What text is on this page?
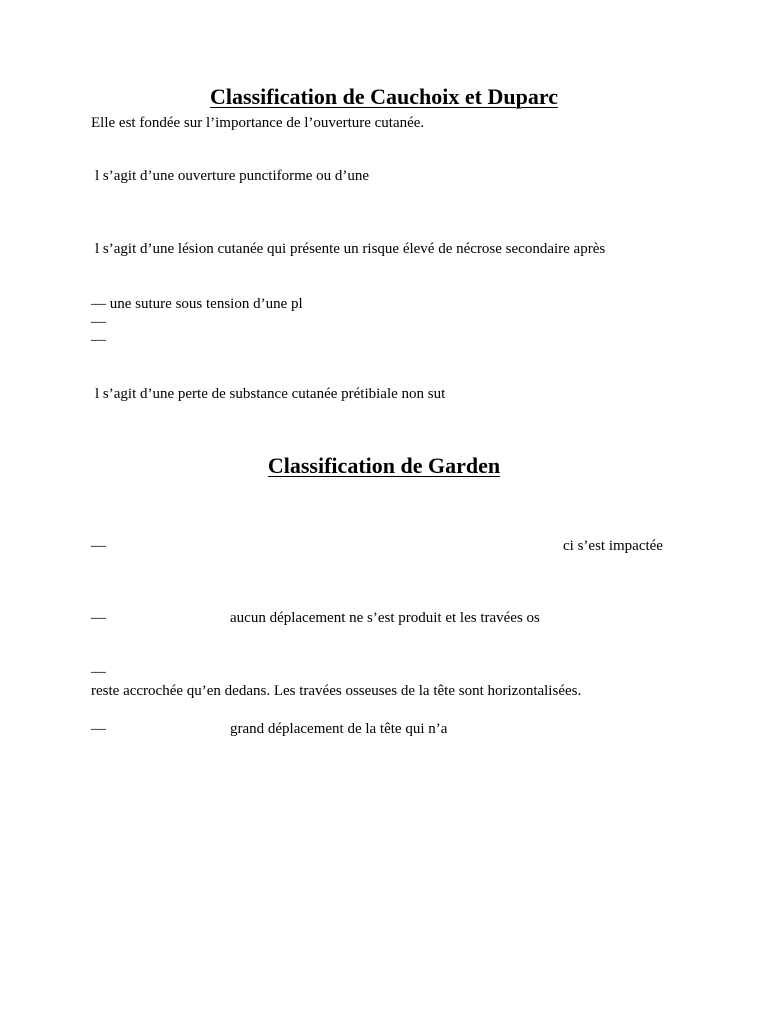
Classification de Cauchoix et Duparc
Elle est fondée sur l’importance de l’ouverture cutanée.
l s’agit d’une ouverture punctiforme ou d’une
l s’agit d’une lésion cutanée qui présente un risque élevé de nécrose secondaire après
— une suture sous tension d’une pl
—
—
l s’agit d’une perte de substance cutanée prétibiale non sut
Classification de Garden
—	ci s’est impactée
—	aucun déplacement ne s’est produit et les travées os
—
reste accrochée qu’en dedans. Les travées osseuses de la tête sont horizontalisées.
—	grand déplacement de la tête qui n’a
